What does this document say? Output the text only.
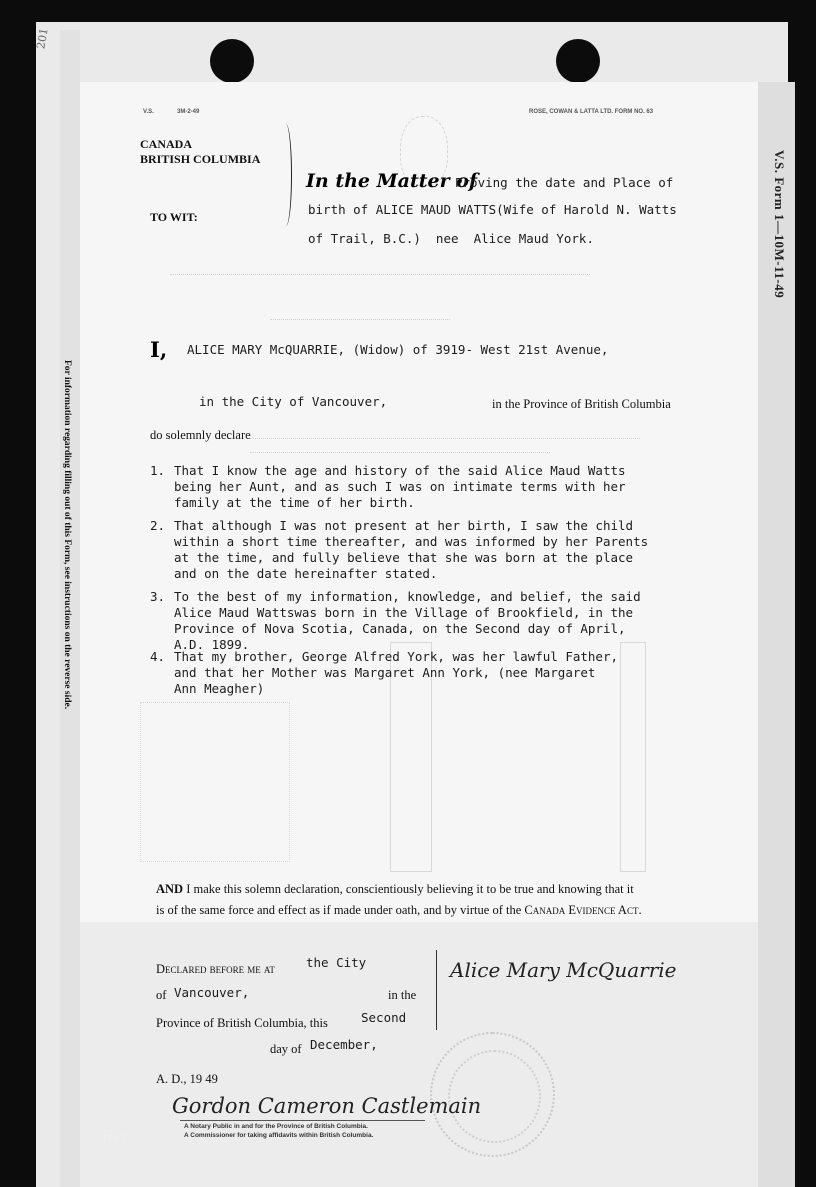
201
For information regarding filling out of this Form, see instructions on the reverse side.
V.S. Form 1—10M-11-49
V.S.	3M-2-49	ROSE, COWAN & LATTA LTD. FORM NO. 63
CANADA
BRITISH COLUMBIA
TO WIT:
In the Matter of
Proving the date and Place of
birth of ALICE MAUD WATTS(Wife of Harold N. Watts
of Trail, B.C.)  nee  Alice Maud York.
I, ALICE MARY McQUARRIE, (Widow) of 3919- West 21st Avenue,
in the City of Vancouver,	in the Province of British Columbia
do solemnly declare
1. That I know the age and history of the said Alice Maud Watts
being her Aunt, and as such I was on intimate terms with her
family at the time of her birth.
2. That although I was not present at her birth, I saw the child
within a short time thereafter, and was informed by her Parents
at the time, and fully believe that she was born at the place
and on the date hereinafter stated.
3. To the best of my information, knowledge, and belief, the said
Alice Maud Wattswas born in the Village of Brookfield, in the
Province of Nova Scotia, Canada, on the Second day of April,
A.D. 1899.
4. That my brother, George Alfred York, was her lawful Father,
and that her Mother was Margaret Ann York, (nee Margaret
Ann Meagher)
AND I make this solemn declaration, conscientiously believing it to be true and knowing that it
is of the same force and effect as if made under oath, and by virtue of the Canada Evidence Act.
Declared before me at the City
of Vancouver,	in the
Province of British Columbia, this	Second
day of December,
A. D., 19 49
Alice Mary McQuarrie
Gordon Cameron Castlemain
A Notary Public in and for the Province of British Columbia.
A Commissioner for taking affidavits within British Columbia.
Rec
